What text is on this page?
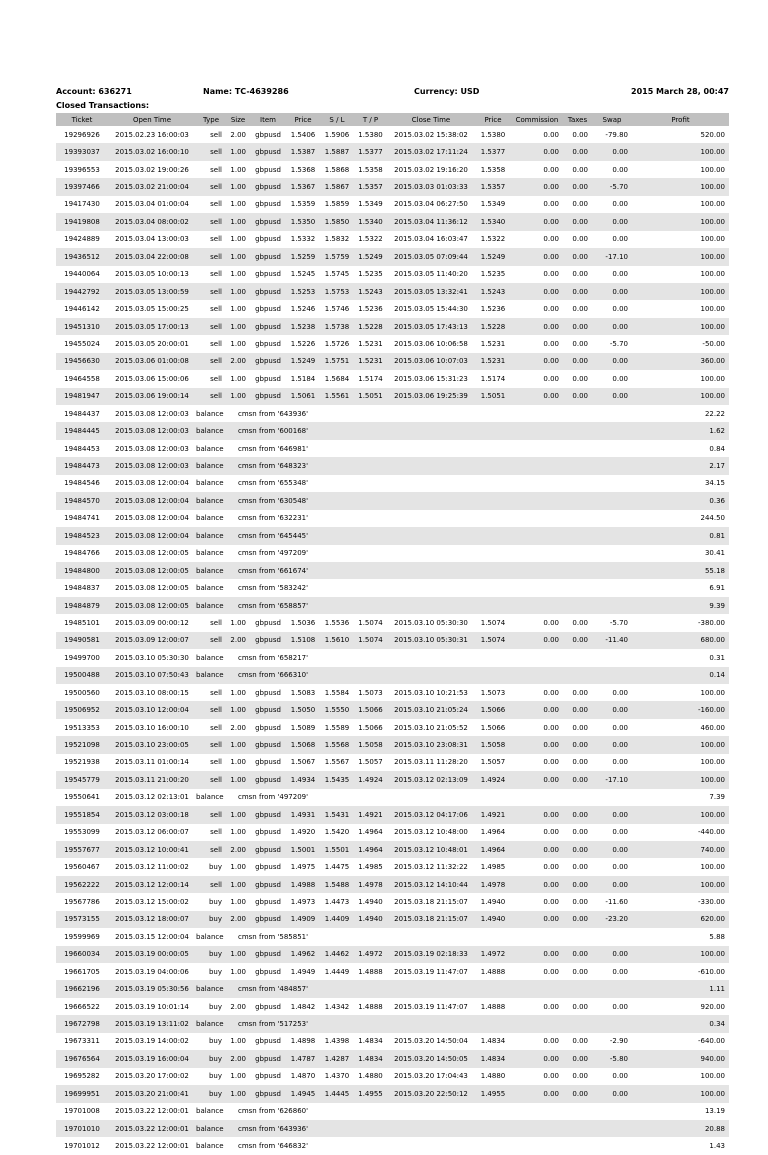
Account: 636271	Name: TC-4639286	Currency: USD	2015 March 28, 00:47
Closed Transactions:
Ticket	Open Time	Type	Size	Item	Price	S / L	T / P	Close Time	Price	Commission	Taxes	Swap	Profit
19296926	2015.02.23 16:00:03	sell	2.00	gbpusd	1.5406	1.5906	1.5380	2015.03.02 15:38:02	1.5380	0.00	0.00	-79.80	520.00
19393037	2015.03.02 16:00:10	sell	1.00	gbpusd	1.5387	1.5887	1.5377	2015.03.02 17:11:24	1.5377	0.00	0.00	0.00	100.00
19396553	2015.03.02 19:00:26	sell	1.00	gbpusd	1.5368	1.5868	1.5358	2015.03.02 19:16:20	1.5358	0.00	0.00	0.00	100.00
19397466	2015.03.02 21:00:04	sell	1.00	gbpusd	1.5367	1.5867	1.5357	2015.03.03 01:03:33	1.5357	0.00	0.00	-5.70	100.00
19417430	2015.03.04 01:00:04	sell	1.00	gbpusd	1.5359	1.5859	1.5349	2015.03.04 06:27:50	1.5349	0.00	0.00	0.00	100.00
19419808	2015.03.04 08:00:02	sell	1.00	gbpusd	1.5350	1.5850	1.5340	2015.03.04 11:36:12	1.5340	0.00	0.00	0.00	100.00
19424889	2015.03.04 13:00:03	sell	1.00	gbpusd	1.5332	1.5832	1.5322	2015.03.04 16:03:47	1.5322	0.00	0.00	0.00	100.00
19436512	2015.03.04 22:00:08	sell	1.00	gbpusd	1.5259	1.5759	1.5249	2015.03.05 07:09:44	1.5249	0.00	0.00	-17.10	100.00
19440064	2015.03.05 10:00:13	sell	1.00	gbpusd	1.5245	1.5745	1.5235	2015.03.05 11:40:20	1.5235	0.00	0.00	0.00	100.00
19442792	2015.03.05 13:00:59	sell	1.00	gbpusd	1.5253	1.5753	1.5243	2015.03.05 13:32:41	1.5243	0.00	0.00	0.00	100.00
19446142	2015.03.05 15:00:25	sell	1.00	gbpusd	1.5246	1.5746	1.5236	2015.03.05 15:44:30	1.5236	0.00	0.00	0.00	100.00
19451310	2015.03.05 17:00:13	sell	1.00	gbpusd	1.5238	1.5738	1.5228	2015.03.05 17:43:13	1.5228	0.00	0.00	0.00	100.00
19455024	2015.03.05 20:00:01	sell	1.00	gbpusd	1.5226	1.5726	1.5231	2015.03.06 10:06:58	1.5231	0.00	0.00	-5.70	-50.00
19456630	2015.03.06 01:00:08	sell	2.00	gbpusd	1.5249	1.5751	1.5231	2015.03.06 10:07:03	1.5231	0.00	0.00	0.00	360.00
19464558	2015.03.06 15:00:06	sell	1.00	gbpusd	1.5184	1.5684	1.5174	2015.03.06 15:31:23	1.5174	0.00	0.00	0.00	100.00
19481947	2015.03.06 19:00:14	sell	1.00	gbpusd	1.5061	1.5561	1.5051	2015.03.06 19:25:39	1.5051	0.00	0.00	0.00	100.00
19484437	2015.03.08 12:00:03	balance	cmsn from '643936'										22.22
19484445	2015.03.08 12:00:03	balance	cmsn from '600168'										1.62
19484453	2015.03.08 12:00:03	balance	cmsn from '646981'										0.84
19484473	2015.03.08 12:00:03	balance	cmsn from '648323'										2.17
19484546	2015.03.08 12:00:04	balance	cmsn from '655348'										34.15
19484570	2015.03.08 12:00:04	balance	cmsn from '630548'										0.36
19484741	2015.03.08 12:00:04	balance	cmsn from '632231'										244.50
19484523	2015.03.08 12:00:04	balance	cmsn from '645445'										0.81
19484766	2015.03.08 12:00:05	balance	cmsn from '497209'										30.41
19484800	2015.03.08 12:00:05	balance	cmsn from '661674'										55.18
19484837	2015.03.08 12:00:05	balance	cmsn from '583242'										6.91
19484879	2015.03.08 12:00:05	balance	cmsn from '658857'										9.39
19485101	2015.03.09 00:00:12	sell	1.00	gbpusd	1.5036	1.5536	1.5074	2015.03.10 05:30:30	1.5074	0.00	0.00	-5.70	-380.00
19490581	2015.03.09 12:00:07	sell	2.00	gbpusd	1.5108	1.5610	1.5074	2015.03.10 05:30:31	1.5074	0.00	0.00	-11.40	680.00
19499700	2015.03.10 05:30:30	balance	cmsn from '658217'										0.31
19500488	2015.03.10 07:50:43	balance	cmsn from '666310'										0.14
19500560	2015.03.10 08:00:15	sell	1.00	gbpusd	1.5083	1.5584	1.5073	2015.03.10 10:21:53	1.5073	0.00	0.00	0.00	100.00
19506952	2015.03.10 12:00:04	sell	1.00	gbpusd	1.5050	1.5550	1.5066	2015.03.10 21:05:24	1.5066	0.00	0.00	0.00	-160.00
19513353	2015.03.10 16:00:10	sell	2.00	gbpusd	1.5089	1.5589	1.5066	2015.03.10 21:05:52	1.5066	0.00	0.00	0.00	460.00
19521098	2015.03.10 23:00:05	sell	1.00	gbpusd	1.5068	1.5568	1.5058	2015.03.10 23:08:31	1.5058	0.00	0.00	0.00	100.00
19521938	2015.03.11 01:00:14	sell	1.00	gbpusd	1.5067	1.5567	1.5057	2015.03.11 11:28:20	1.5057	0.00	0.00	0.00	100.00
19545779	2015.03.11 21:00:20	sell	1.00	gbpusd	1.4934	1.5435	1.4924	2015.03.12 02:13:09	1.4924	0.00	0.00	-17.10	100.00
19550641	2015.03.12 02:13:01	balance	cmsn from '497209'										7.39
19551854	2015.03.12 03:00:18	sell	1.00	gbpusd	1.4931	1.5431	1.4921	2015.03.12 04:17:06	1.4921	0.00	0.00	0.00	100.00
19553099	2015.03.12 06:00:07	sell	1.00	gbpusd	1.4920	1.5420	1.4964	2015.03.12 10:48:00	1.4964	0.00	0.00	0.00	-440.00
19557677	2015.03.12 10:00:41	sell	2.00	gbpusd	1.5001	1.5501	1.4964	2015.03.12 10:48:01	1.4964	0.00	0.00	0.00	740.00
19560467	2015.03.12 11:00:02	buy	1.00	gbpusd	1.4975	1.4475	1.4985	2015.03.12 11:32:22	1.4985	0.00	0.00	0.00	100.00
19562222	2015.03.12 12:00:14	sell	1.00	gbpusd	1.4988	1.5488	1.4978	2015.03.12 14:10:44	1.4978	0.00	0.00	0.00	100.00
19567786	2015.03.12 15:00:02	buy	1.00	gbpusd	1.4973	1.4473	1.4940	2015.03.18 21:15:07	1.4940	0.00	0.00	-11.60	-330.00
19573155	2015.03.12 18:00:07	buy	2.00	gbpusd	1.4909	1.4409	1.4940	2015.03.18 21:15:07	1.4940	0.00	0.00	-23.20	620.00
19599969	2015.03.15 12:00:04	balance	cmsn from '585851'										5.88
19660034	2015.03.19 00:00:05	buy	1.00	gbpusd	1.4962	1.4462	1.4972	2015.03.19 02:18:33	1.4972	0.00	0.00	0.00	100.00
19661705	2015.03.19 04:00:06	buy	1.00	gbpusd	1.4949	1.4449	1.4888	2015.03.19 11:47:07	1.4888	0.00	0.00	0.00	-610.00
19662196	2015.03.19 05:30:56	balance	cmsn from '484857'										1.11
19666522	2015.03.19 10:01:14	buy	2.00	gbpusd	1.4842	1.4342	1.4888	2015.03.19 11:47:07	1.4888	0.00	0.00	0.00	920.00
19672798	2015.03.19 13:11:02	balance	cmsn from '517253'										0.34
19673311	2015.03.19 14:00:02	buy	1.00	gbpusd	1.4898	1.4398	1.4834	2015.03.20 14:50:04	1.4834	0.00	0.00	-2.90	-640.00
19676564	2015.03.19 16:00:04	buy	2.00	gbpusd	1.4787	1.4287	1.4834	2015.03.20 14:50:05	1.4834	0.00	0.00	-5.80	940.00
19695282	2015.03.20 17:00:02	buy	1.00	gbpusd	1.4870	1.4370	1.4880	2015.03.20 17:04:43	1.4880	0.00	0.00	0.00	100.00
19699951	2015.03.20 21:00:41	buy	1.00	gbpusd	1.4945	1.4445	1.4955	2015.03.20 22:50:12	1.4955	0.00	0.00	0.00	100.00
19701008	2015.03.22 12:00:01	balance	cmsn from '626860'										13.19
19701010	2015.03.22 12:00:01	balance	cmsn from '643936'										20.88
19701012	2015.03.22 12:00:01	balance	cmsn from '646832'										1.43
